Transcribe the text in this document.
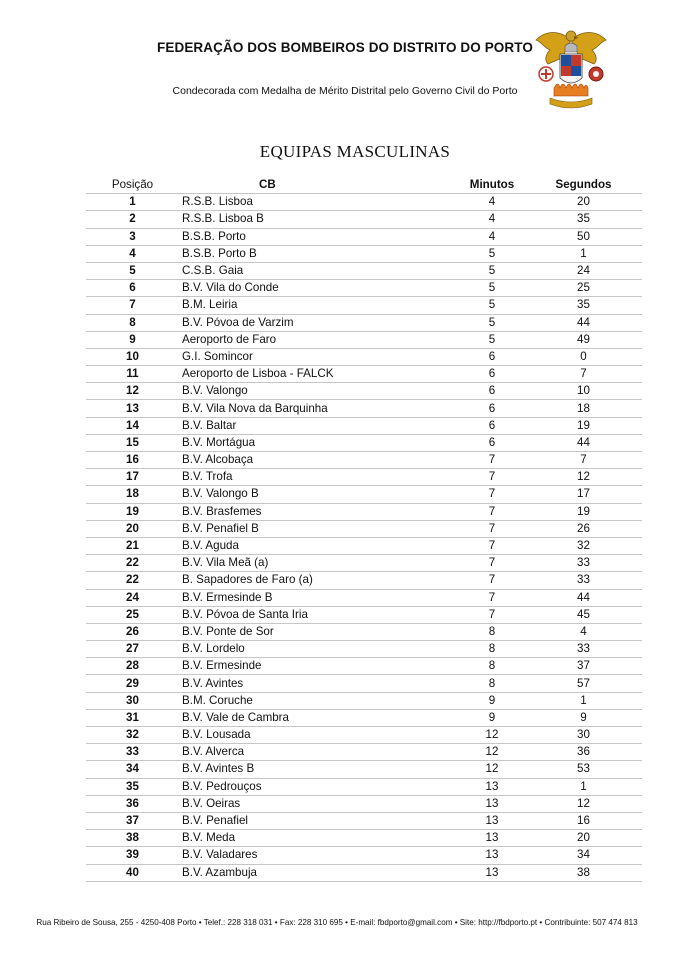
FEDERAÇÃO DOS BOMBEIROS DO DISTRITO DO PORTO
Condecorada com Medalha de Mérito Distrital pelo Governo Civil do Porto
EQUIPAS MASCULINAS
Posição	CB	Minutos	Segundos
1	R.S.B. Lisboa	4	20
2	R.S.B. Lisboa B	4	35
3	B.S.B. Porto	4	50
4	B.S.B. Porto B	5	1
5	C.S.B. Gaia	5	24
6	B.V. Vila do Conde	5	25
7	B.M. Leiria	5	35
8	B.V. Póvoa de Varzim	5	44
9	Aeroporto de Faro	5	49
10	G.I. Somincor	6	0
11	Aeroporto de Lisboa - FALCK	6	7
12	B.V. Valongo	6	10
13	B.V. Vila Nova da Barquinha	6	18
14	B.V. Baltar	6	19
15	B.V. Mortágua	6	44
16	B.V. Alcobaça	7	7
17	B.V. Trofa	7	12
18	B.V. Valongo B	7	17
19	B.V. Brasfemes	7	19
20	B.V. Penafiel B	7	26
21	B.V. Aguda	7	32
22	B.V. Vila Meã (a)	7	33
22	B. Sapadores de Faro (a)	7	33
24	B.V. Ermesinde B	7	44
25	B.V. Póvoa de Santa Iria	7	45
26	B.V. Ponte de Sor	8	4
27	B.V. Lordelo	8	33
28	B.V. Ermesinde	8	37
29	B.V. Avintes	8	57
30	B.M. Coruche	9	1
31	B.V. Vale de Cambra	9	9
32	B.V. Lousada	12	30
33	B.V. Alverca	12	36
34	B.V. Avintes B	12	53
35	B.V. Pedrouços	13	1
36	B.V. Oeiras	13	12
37	B.V. Penafiel	13	16
38	B.V. Meda	13	20
39	B.V. Valadares	13	34
40	B.V. Azambuja	13	38
Rua Ribeiro de Sousa, 255 - 4250-408 Porto • Telef.: 228 318 031 • Fax: 228 310 695 • E-mail: fbdporto@gmail.com • Site: http://fbdporto.pt • Contribuinte: 507 474 813
